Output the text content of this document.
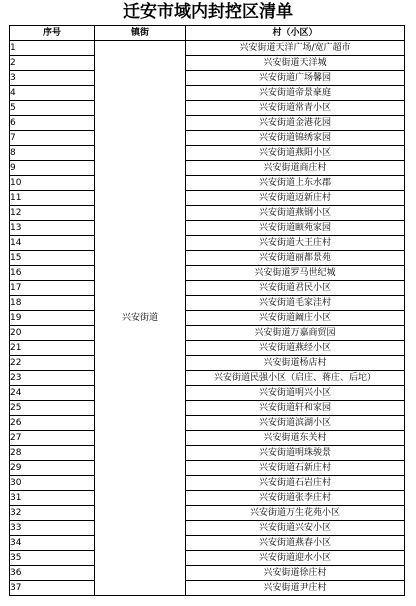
迁安市域内封控区清单
序号	镇街	村（小区）
1	兴安街道	兴安街道天洋广场/宽广超市
2		兴安街道天洋城
3		兴安街道广场馨园
4		兴安街道帝景豪庭
5		兴安街道常青小区
6		兴安街道金港花园
7		兴安街道锦绣家园
8		兴安街道燕阳小区
9		兴安街道商庄村
10		兴安街道上东水郡
11		兴安街道迈新庄村
12		兴安街道燕钢小区
13		兴安街道颐苑家园
14		兴安街道大王庄村
15		兴安街道丽都景苑
16		兴安街道罗马世纪城
17		兴安街道君民小区
18		兴安街道毛家洼村
19		兴安街道阚庄小区
20		兴安街道万嘉商贸园
21		兴安街道燕经小区
22		兴安街道杨店村
23		兴安街道民强小区（启庄、蒋庄、后坨）
24		兴安街道明兴小区
25		兴安街道轩和家园
26		兴安街道滨湖小区
27		兴安街道东关村
28		兴安街道明珠骏景
29		兴安街道石新庄村
30		兴安街道石岩庄村
31		兴安街道张李庄村
32		兴安街道万生花苑小区
33		兴安街道兴安小区
34		兴安街道燕春小区
35		兴安街道迎水小区
36		兴安街道徐庄村
37		兴安街道尹庄村
